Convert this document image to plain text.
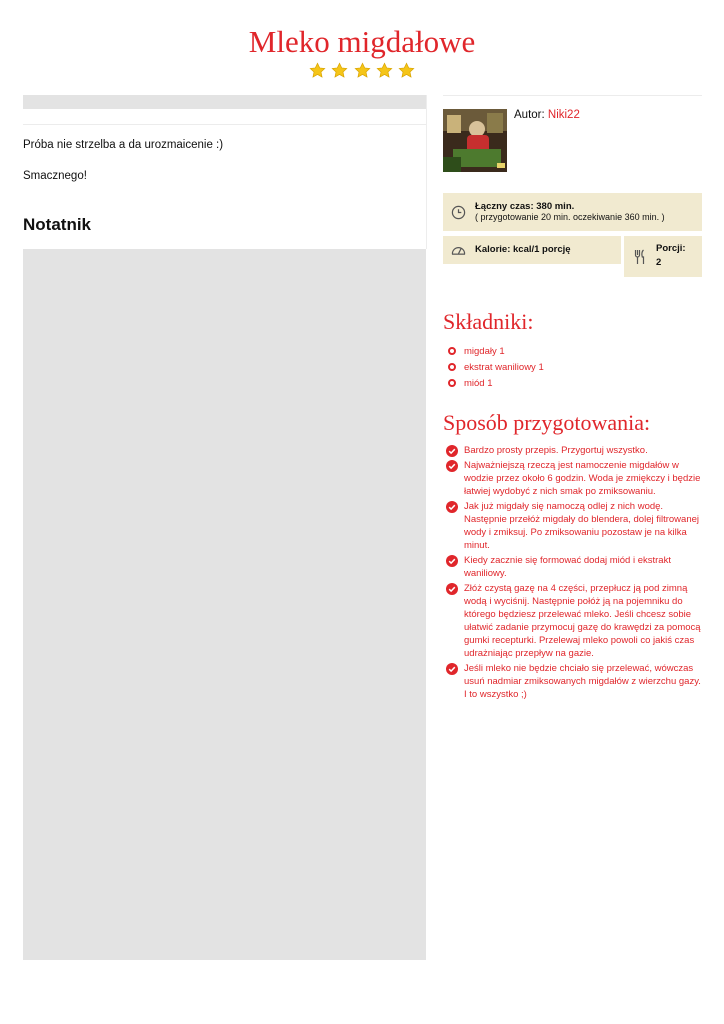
Mleko migdałowe

Próba nie strzelba a da urozmaicenie :)
Smacznego!
Notatnik
Autor: Niki22
Łączny czas: 380 min.
( przygotowanie 20 min. oczekiwanie 360 min. )
Kalorie: kcal/1 porcję	Porcji:
2
Składniki:
migdały 1
ekstrat waniliowy 1
miód 1
Sposób przygotowania:
Bardzo prosty przepis. Przygortuj wszystko.
Najważniejszą rzeczą jest namoczenie migdałów w wodzie przez około 6 godzin. Woda je zmiękczy i będzie łatwiej wydobyć z nich smak po zmiksowaniu.
Jak już migdały się namoczą odlej z nich wodę. Następnie przełóż migdały do blendera, dolej filtrowanej wody i zmiksuj. Po zmiksowaniu pozostaw je na kilka minut.
Kiedy zacznie się formować dodaj miód i ekstrakt waniliowy.
Złóż czystą gazę na 4 części, przepłucz ją pod zimną wodą i wyciśnij. Następnie połóż ją na pojemniku do którego będziesz przelewać mleko. Jeśli chcesz sobie ułatwić zadanie przymocuj gazę do krawędzi za pomocą gumki recepturki. Przelewaj mleko powoli co jakiś czas udrażniając przepływ na gazie.
Jeśli mleko nie będzie chciało się przelewać, wówczas usuń nadmiar zmiksowanych migdałów z wierzchu gazy. I to wszystko ;)
